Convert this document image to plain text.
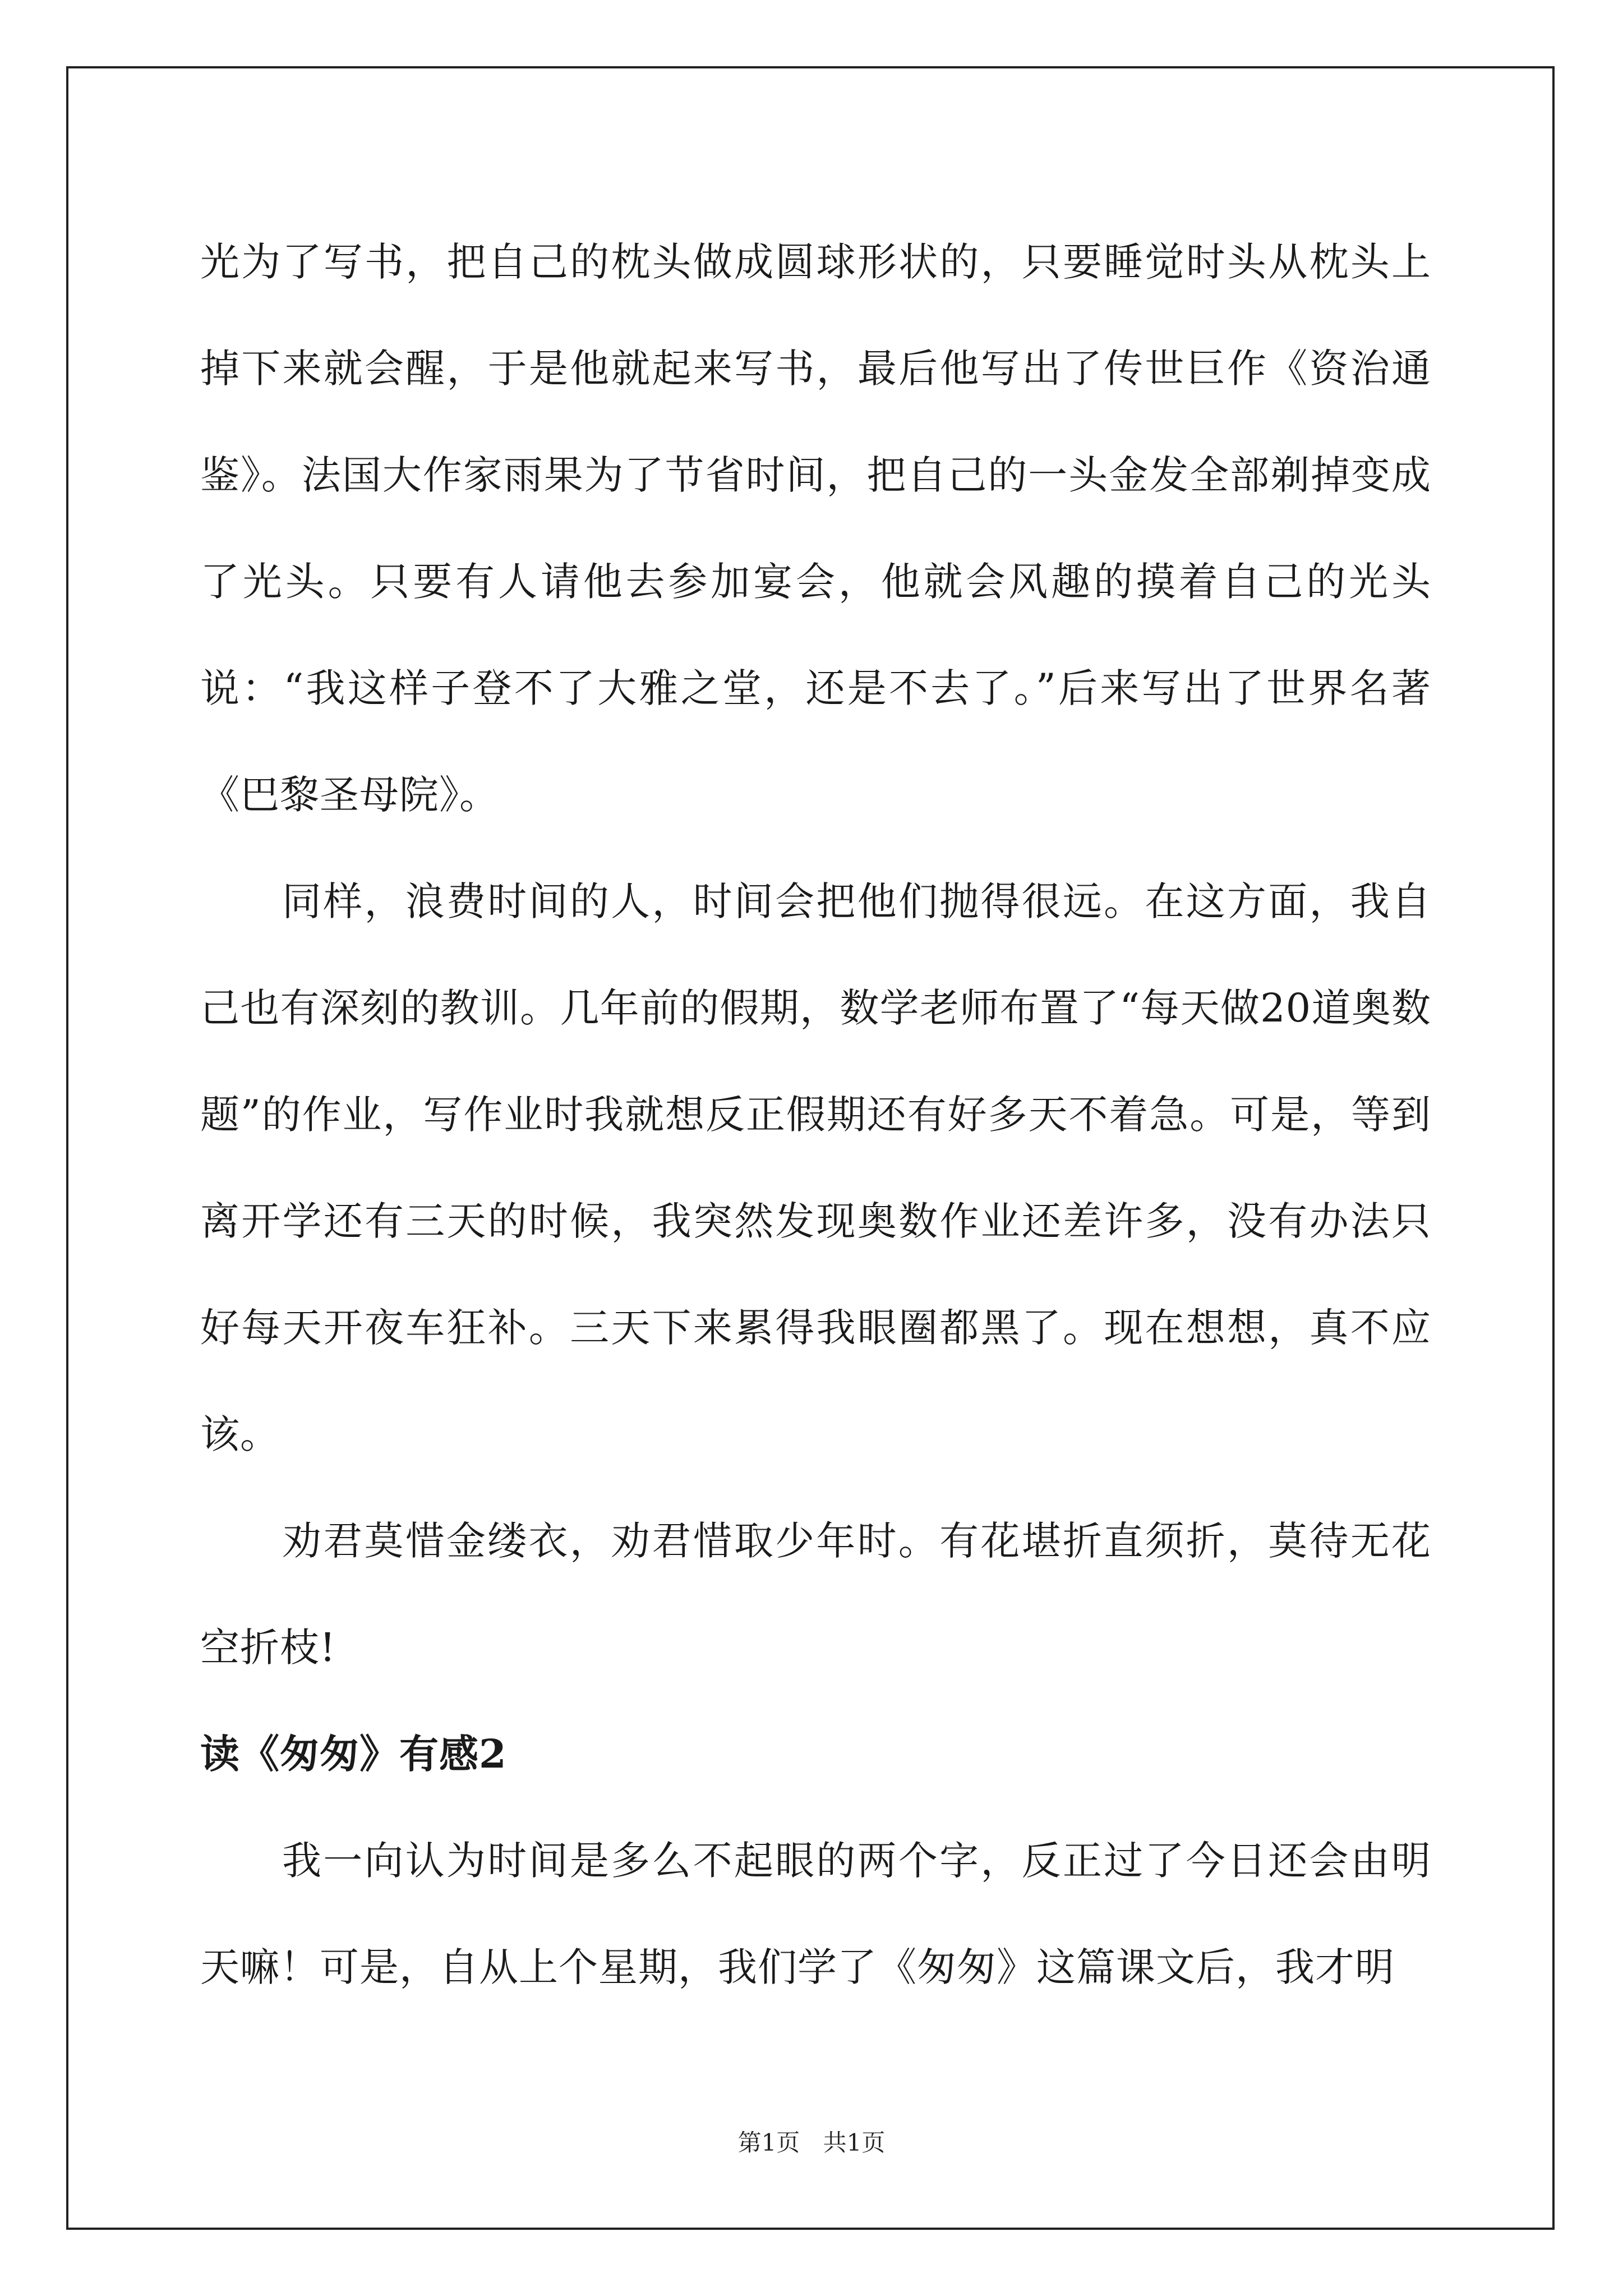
光为了写书，把自己的枕头做成圆球形状的，只要睡觉时头从枕头上掉下来就会醒，于是他就起来写书，最后他写出了传世巨作《资治通鉴》。法国大作家雨果为了节省时间，把自己的一头金发全部剃掉变成了光头。只要有人请他去参加宴会，他就会风趣的摸着自己的光头说：“我这样子登不了大雅之堂，还是不去了。”后来写出了世界名著《巴黎圣母院》。

同样，浪费时间的人，时间会把他们抛得很远。在这方面，我自己也有深刻的教训。几年前的假期，数学老师布置了“每天做20道奥数题”的作业，写作业时我就想反正假期还有好多天不着急。可是，等到离开学还有三天的时候，我突然发现奥数作业还差许多，没有办法只好每天开夜车狂补。三天下来累得我眼圈都黑了。现在想想，真不应该。

劝君莫惜金缕衣，劝君惜取少年时。有花堪折直须折，莫待无花空折枝!

读《匆匆》有感2

我一向认为时间是多么不起眼的两个字，反正过了今日还会由明天嘛！可是，自从上个星期，我们学了《匆匆》这篇课文后，我才明

第1页 共1页
